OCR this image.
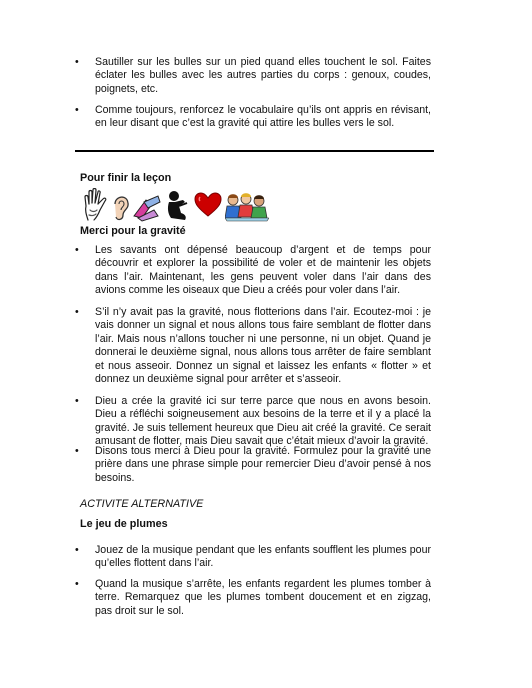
• Sautiller sur les bulles sur un pied quand elles touchent le sol. Faites éclater les bulles avec les autres parties du corps : genoux, coudes, poignets, etc.
• Comme toujours, renforcez le vocabulaire qu’ils ont appris en révisant, en leur disant que c’est la gravité qui attire les bulles vers le sol.
Pour finir la leçon
Merci pour la gravité
• Les savants ont dépensé beaucoup d’argent et de temps pour découvrir et explorer la possibilité de voler et de maintenir les objets dans l’air. Maintenant, les gens peuvent voler dans l’air dans des avions comme les oiseaux que Dieu a créés pour voler dans l’air.
• S’il n’y avait pas la gravité, nous flotterions dans l’air. Ecoutez-moi : je vais donner un signal et nous allons tous faire semblant de flotter dans l’air. Mais nous n’allons toucher ni une personne, ni un objet. Quand je donnerai le deuxième signal, nous allons tous arrêter de faire semblant et nous asseoir. Donnez un signal et laissez les enfants « flotter » et donnez un deuxième signal pour arrêter et s’asseoir.
• Dieu a crée la gravité ici sur terre parce que nous en avons besoin. Dieu a réfléchi soigneusement aux besoins de la terre et il y a placé la gravité. Je suis tellement heureux que Dieu ait créé la gravité. Ce serait amusant de flotter, mais Dieu savait que c’était mieux d’avoir la gravité.
• Disons tous merci à Dieu pour la gravité. Formulez pour la gravité une prière dans une phrase simple pour remercier Dieu d’avoir pensé à nos besoins.
ACTIVITE ALTERNATIVE
Le jeu de plumes
• Jouez de la musique pendant que les enfants soufflent les plumes pour qu’elles flottent dans l’air.
• Quand la musique s’arrête, les enfants regardent les plumes tomber à terre. Remarquez que les plumes tombent doucement et en zigzag, pas droit sur le sol.
